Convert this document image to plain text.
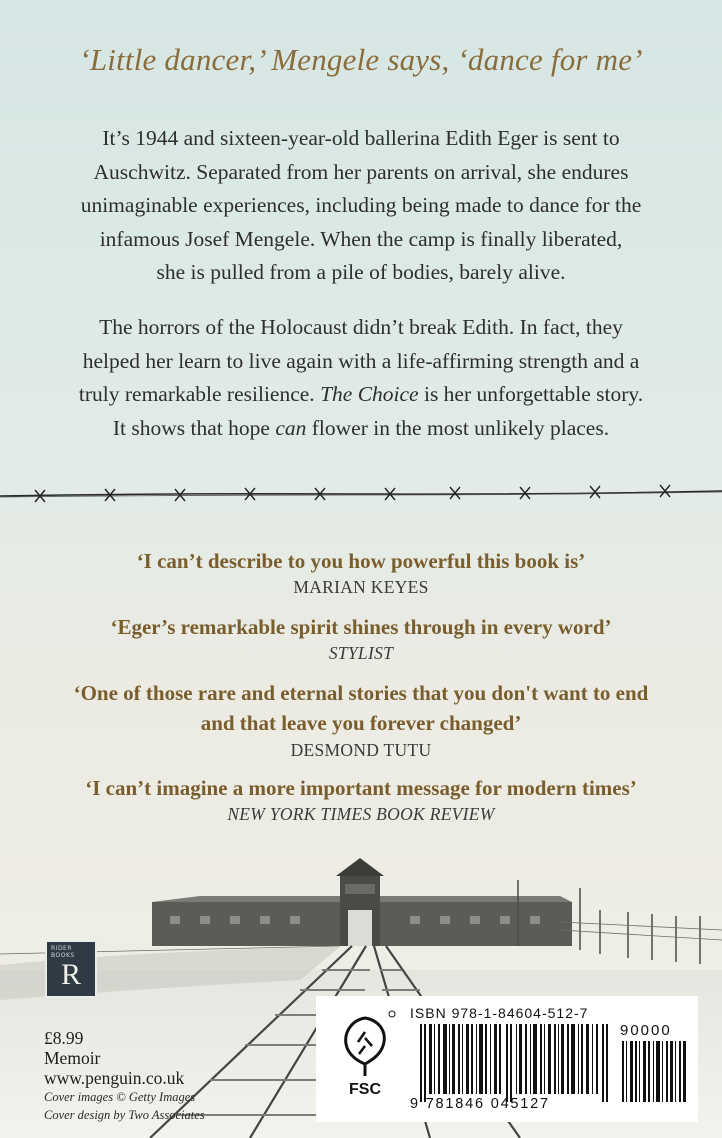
‘Little dancer,’ Mengele says, ‘dance for me’
It’s 1944 and sixteen-year-old ballerina Edith Eger is sent to
Auschwitz. Separated from her parents on arrival, she endures
unimaginable experiences, including being made to dance for the
infamous Josef Mengele. When the camp is finally liberated,
she is pulled from a pile of bodies, barely alive.
The horrors of the Holocaust didn’t break Edith. In fact, they
helped her learn to live again with a life-affirming strength and a
truly remarkable resilience. The Choice is her unforgettable story.
It shows that hope can flower in the most unlikely places.
‘I can’t describe to you how powerful this book is’
MARIAN KEYES
‘Eger’s remarkable spirit shines through in every word’
STYLIST
‘One of those rare and eternal stories that you don't want to end
and that leave you forever changed’
DESMOND TUTU
‘I can’t imagine a more important message for modern times’
NEW YORK TIMES BOOK REVIEW
RIDER BOOKS
R
£8.99
Memoir
www.penguin.co.uk
Cover images © Getty Images
Cover design by Two Associates
FSC
ISBN 978-1-84604-512-7
90000
9 781846 045127
